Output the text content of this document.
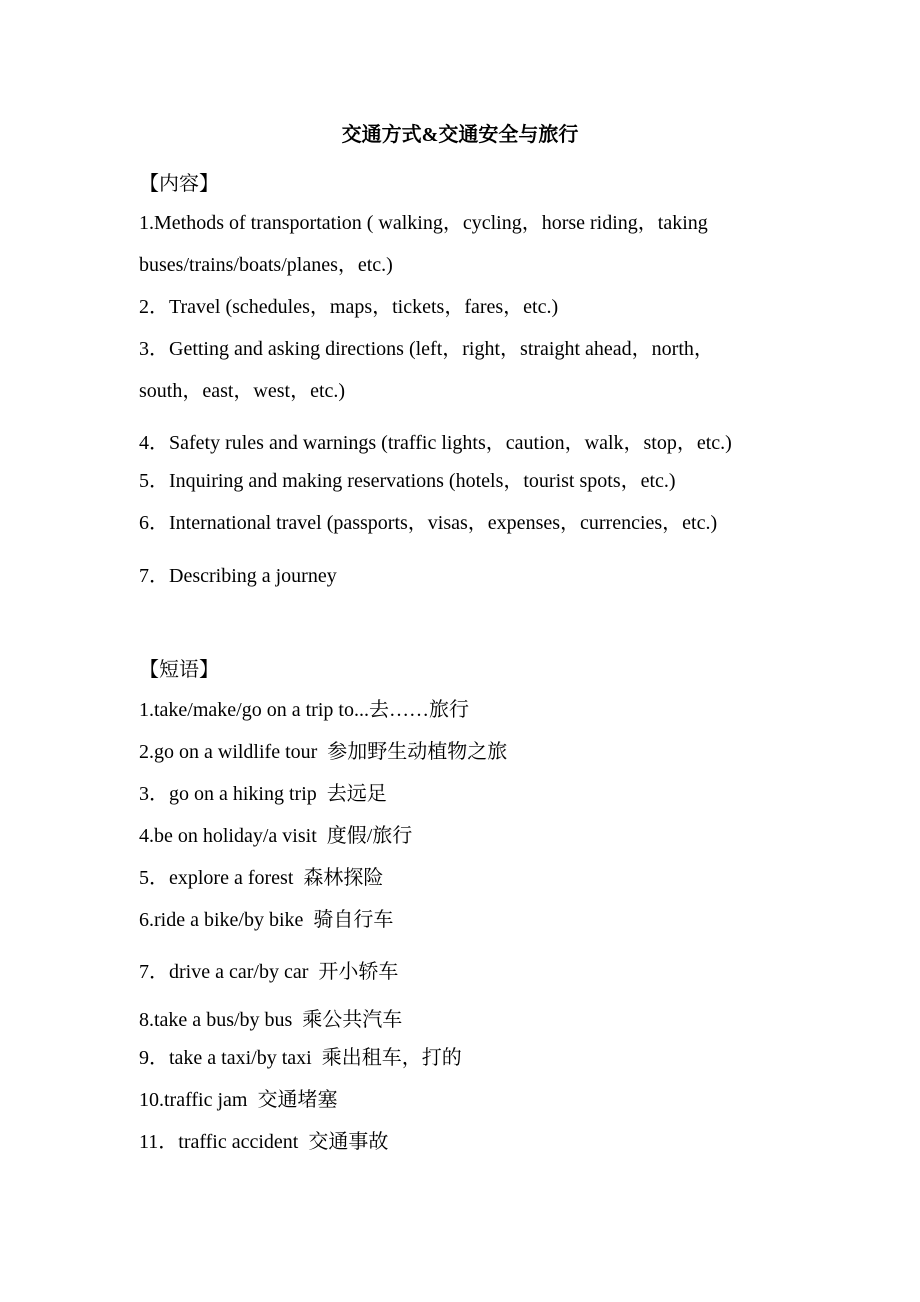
交通方式&交通安全与旅行
【内容】
1.Methods of transportation ( walking，cycling，horse riding，taking
buses/trains/boats/planes，etc.)
2．Travel (schedules，maps，tickets，fares，etc.)
3．Getting and asking directions (left，right，straight ahead，north，
south，east，west，etc.)
4．Safety rules and warnings (traffic lights，caution，walk，stop，etc.)
5．Inquiring and making reservations (hotels，tourist spots，etc.)
6．International travel (passports，visas，expenses，currencies，etc.)
7．Describing a journey
【短语】
1.take/make/go on a trip to...去……旅行
2.go on a wildlife tour  参加野生动植物之旅
3．go on a hiking trip  去远足
4.be on holiday/a visit  度假/旅行
5．explore a forest  森林探险
6.ride a bike/by bike  骑自行车
7．drive a car/by car  开小轿车
8.take a bus/by bus  乘公共汽车
9．take a taxi/by taxi  乘出租车，打的
10.traffic jam  交通堵塞
11．traffic accident  交通事故
